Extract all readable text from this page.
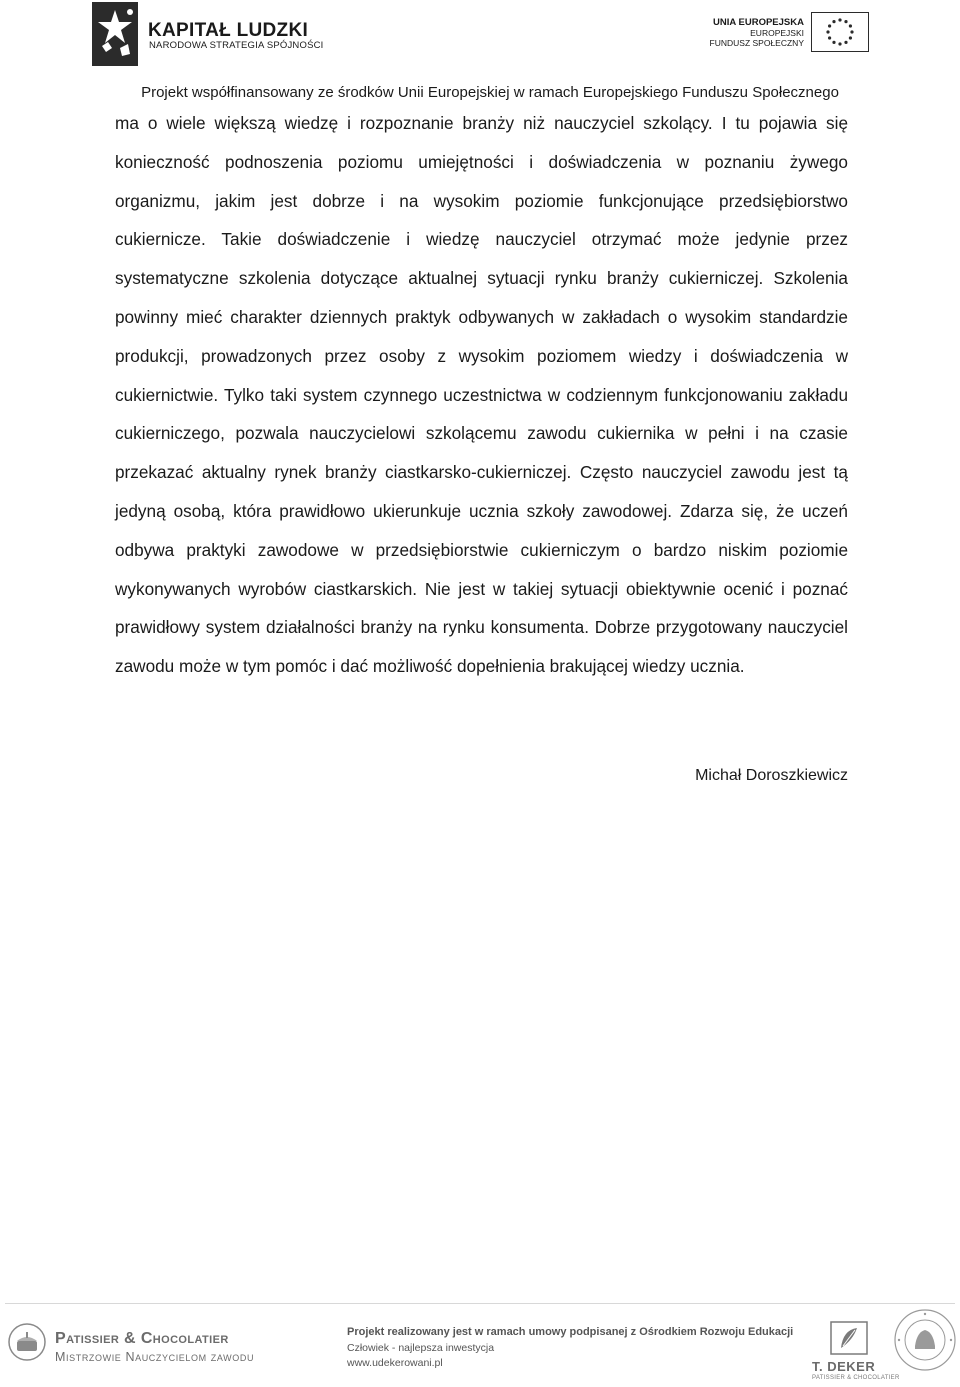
KAPITAŁ LUDZKI
NARODOWA STRATEGIA SPÓJNOŚCI
UNIA EUROPEJSKA
EUROPEJSKI
FUNDUSZ SPOŁECZNY
Projekt współfinansowany ze środków Unii Europejskiej w ramach Europejskiego Funduszu Społecznego

ma o wiele większą wiedzę i rozpoznanie branży niż nauczyciel szkolący. I tu pojawia się konieczność podnoszenia poziomu umiejętności i doświadczenia w poznaniu żywego organizmu, jakim jest dobrze i na wysokim poziomie funkcjonujące przedsiębiorstwo cukiernicze. Takie doświadczenie i wiedzę nauczyciel otrzymać może jedynie przez systematyczne szkolenia dotyczące aktualnej sytuacji rynku branży cukierniczej. Szkolenia powinny mieć charakter dziennych praktyk odbywanych w zakładach o wysokim standardzie produkcji, prowadzonych przez osoby z wysokim poziomem wiedzy i doświadczenia w cukiernictwie. Tylko taki system czynnego uczestnictwa w codziennym funkcjonowaniu zakładu cukierniczego, pozwala nauczycielowi szkolącemu zawodu cukiernika w pełni i na czasie przekazać aktualny rynek branży ciastkarsko-cukierniczej. Często nauczyciel zawodu jest tą jedyną osobą, która prawidłowo ukierunkuje ucznia szkoły zawodowej. Zdarza się, że uczeń odbywa praktyki zawodowe w przedsiębiorstwie cukierniczym o bardzo niskim poziomie wykonywanych wyrobów ciastkarskich. Nie jest w takiej sytuacji obiektywnie ocenić i poznać prawidłowy system działalności branży na rynku konsumenta. Dobrze przygotowany nauczyciel zawodu może w tym pomóc i dać możliwość dopełnienia brakującej wiedzy ucznia.

Michał Doroszkiewicz
Patissier & Chocolatier
Mistrzowie Nauczycielom zawodu
Projekt realizowany jest w ramach umowy podpisanej z Ośrodkiem Rozwoju Edukacji
Człowiek - najlepsza inwestycja
www.udekerowani.pl	T. DEKER
PATISSIER & CHOCOLATIER
